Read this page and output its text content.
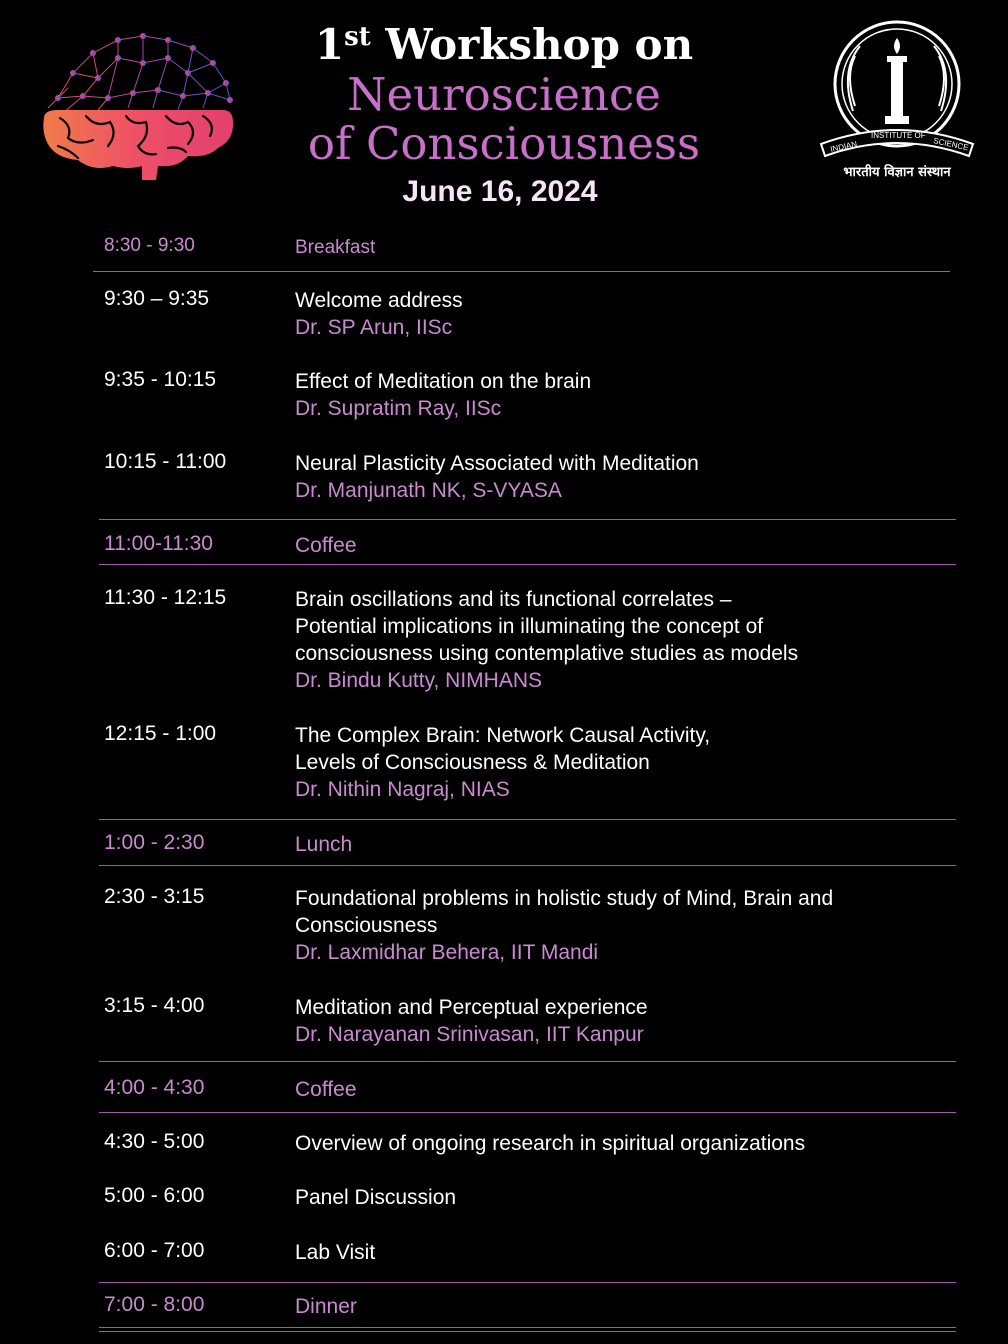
1st Workshop on
Neuroscience
of Consciousness
June 16, 2024
INDIAN
INSTITUTE OF
SCIENCE
भारतीय विज्ञान संस्थान
8:30 - 9:30	Breakfast
9:30 – 9:35	Welcome address
Dr. SP Arun, IISc
9:35 - 10:15	Effect of Meditation on the brain
Dr. Supratim Ray, IISc
10:15 - 11:00	Neural Plasticity Associated with Meditation
Dr. Manjunath NK, S-VYASA
11:00-11:30	Coffee
11:30 - 12:15	Brain oscillations and its functional correlates –
Potential implications in illuminating the concept of
consciousness using contemplative studies as models
Dr. Bindu Kutty, NIMHANS
12:15 - 1:00	The Complex Brain: Network Causal Activity,
Levels of Consciousness & Meditation
Dr. Nithin Nagraj, NIAS
1:00 - 2:30	Lunch
2:30 - 3:15	Foundational problems in holistic study of Mind, Brain and
Consciousness
Dr. Laxmidhar Behera, IIT Mandi
3:15 - 4:00	Meditation and Perceptual experience
Dr. Narayanan Srinivasan, IIT Kanpur
4:00 - 4:30	Coffee
4:30 - 5:00	Overview of ongoing research in spiritual organizations
5:00 - 6:00	Panel Discussion
6:00 - 7:00	Lab Visit
7:00 - 8:00	Dinner
